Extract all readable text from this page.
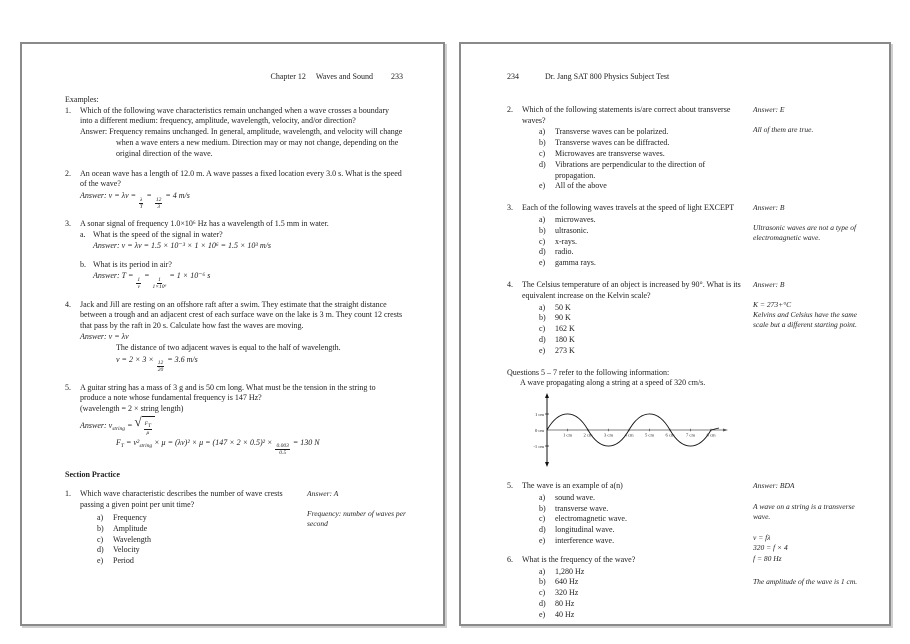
Chapter 12 Waves and Sound 233
Examples:
1.	Which of the following wave characteristics remain unchanged when a wave crosses a boundary into a different medium: frequency, amplitude, wavelength, velocity, and/or direction?
Answer: Frequency remains unchanged. In general, amplitude, wavelength, and velocity will change when a wave enters a new medium. Direction may or may not change, depending on the original direction of the wave.
2.	An ocean wave has a length of 12.0 m. A wave passes a fixed location every 3.0 s. What is the speed of the wave?
Answer: v = λv =
$\frac{\lambda}{T}$
=
$\frac{12}{3}$
= 4 m/s
3.	A sonar signal of frequency 1.0×10⁶ Hz has a wavelength of 1.5 mm in water.
a. What is the speed of the signal in water?
Answer: v = λv = 1.5 × 10⁻³ × 1 × 10⁶ = 1.5 × 10³ m/s
b. What is its period in air?
Answer: T =
$\frac{1}{v}$
=
$\frac{1}{\text{1×10⁶}}$
= 1 × 10⁻⁶ s
4.	Jack and Jill are resting on an offshore raft after a swim. They estimate that the straight distance between a trough and an adjacent crest of each surface wave on the lake is 3 m. They count 12 crests that pass by the raft in 20 s. Calculate how fast the waves are moving.
Answer: v = λv
The distance of two adjacent waves is equal to the half of wavelength.
v = 2 × 3 ×
$\frac{12}{20}$
= 3.6 m/s
5.	A guitar string has a mass of 3 g and is 50 cm long. What must be the tension in the string to produce a note whose fundamental frequency is 147 Hz?
(wavelength = 2 × string length)
Answer: $v_{string}$ = √ $\frac{FT}{\mu}$
$F_T = v^2_{string} \times \mu = (\lambda v)^2 \times \mu = (147 \times 2 \times 0.5)^2$ ×
$\frac{0.003}{0.5}$
= 130 N
Section Practice
1.	Which wave characteristic describes the number of wave crests passing a given point per unit time?
a)	Frequency
b)	Amplitude
c)	Wavelength
d)	Velocity
e)	Period
Answer: A
Frequency: number of waves per second
234	Dr. Jang SAT 800 Physics Subject Test
2.	Which of the following statements is/are correct about transverse waves?
a)	Transverse waves can be polarized.
b)	Transverse waves can be diffracted.
c)	Microwaves are transverse waves.
d)	Vibrations are perpendicular to the direction of propagation.
e)	All of the above
Answer: E
All of them are true.
3.	Each of the following waves travels at the speed of light EXCEPT
a)	microwaves.
b)	ultrasonic.
c)	x-rays.
d)	radio.
e)	gamma rays.
Answer: B
Ultrasonic waves are not a type of electromagnetic wave.
4.	The Celsius temperature of an object is increased by 90°. What is its equivalent increase on the Kelvin scale?
a)	50 K
b)	90 K
c)	162 K
d)	180 K
e)	273 K
Answer: B
K = 273+°C
Kelvins and Celsius have the same scale but a different starting point.
Questions 5 – 7 refer to the following information:
A wave propagating along a string at a speed of 320 cm/s.
1 cm
0 cm
-1 cm
1 cm 2 cm 3 cm 4 cm 5 cm 6 cm 7 cm 8 cm
5.	The wave is an example of a(n)
a)	sound wave.
b)	transverse wave.
c)	electromagnetic wave.
d)	longitudinal wave.
e)	interference wave.
6.	What is the frequency of the wave?
a)	1,280 Hz
b)	640 Hz
c)	320 Hz
d)	80 Hz
e)	40 Hz
Answer: BDA
A wave on a string is a transverse wave.
v = fλ
320 = f × 4
f = 80 Hz
The amplitude of the wave is 1 cm.
